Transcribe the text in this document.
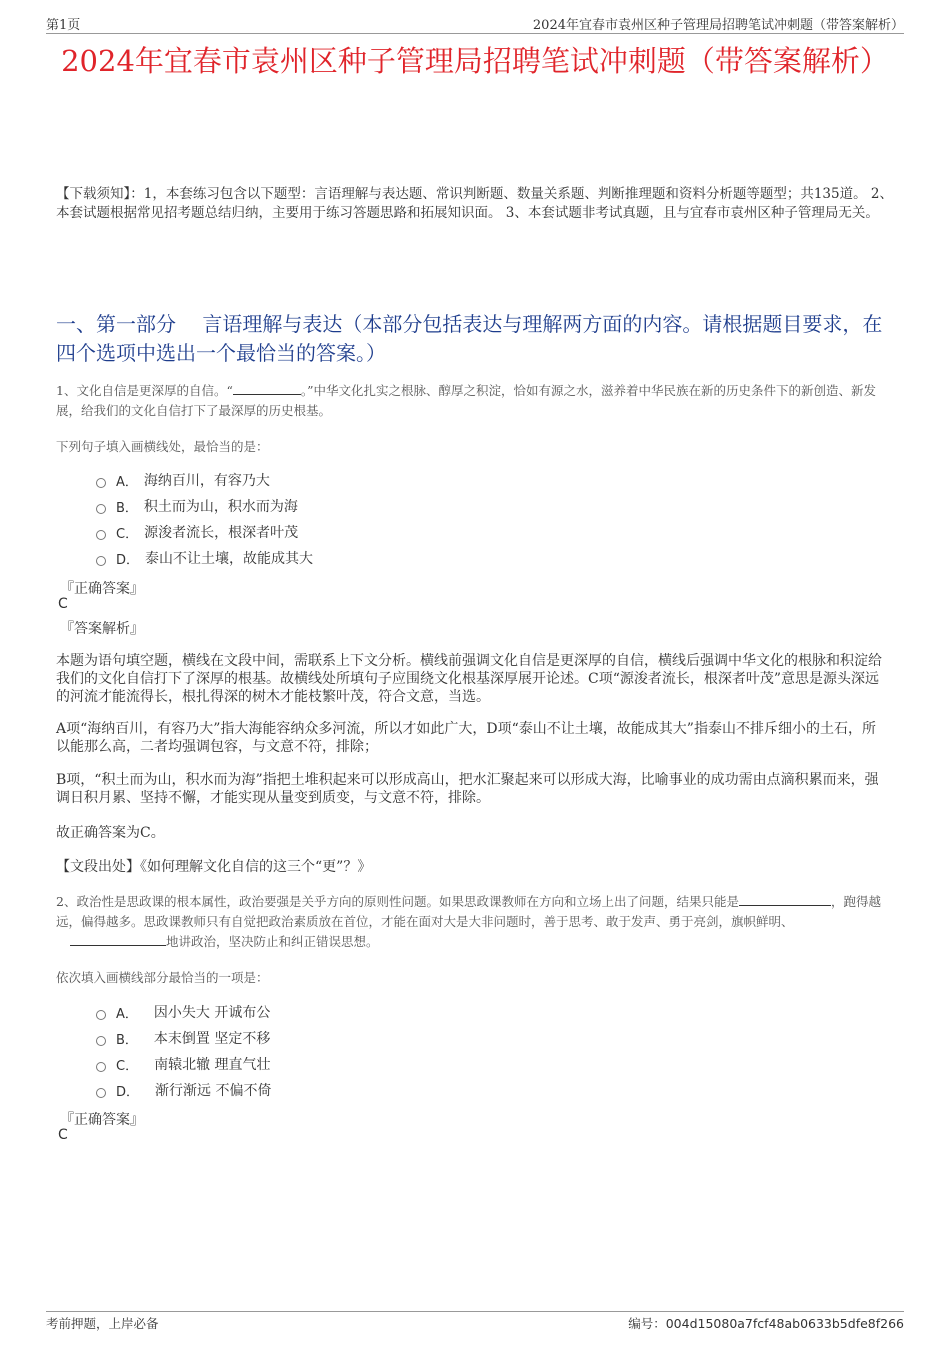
第1页	2024年宜春市袁州区种子管理局招聘笔试冲刺题（带答案解析）
2024年宜春市袁州区种子管理局招聘笔试冲刺题（带答案解析）
【下载须知】：1，本套练习包含以下题型：言语理解与表达题、常识判断题、数量关系题、判断推理题和资料分析题等题型；共135道。 2、本套试题根据常见招考题总结归纳，主要用于练习答题思路和拓展知识面。 3、本套试题非考试真题，且与宜春市袁州区种子管理局无关。
一、第一部分　 言语理解与表达（本部分包括表达与理解两方面的内容。请根据题目要求，在四个选项中选出一个最恰当的答案。）
1、文化自信是更深厚的自信。“	。”中华文化扎实之根脉、醇厚之积淀，恰如有源之水，滋养着中华民族在新的历史条件下的新创造、新发展，给我们的文化自信打下了最深厚的历史根基。
下列句子填入画横线处，最恰当的是：
A． 海纳百川，有容乃大
B． 积土而为山，积水而为海
C． 源浚者流长，根深者叶茂
D． 泰山不让土壤，故能成其大
『正确答案』
C
『答案解析』
本题为语句填空题，横线在文段中间，需联系上下文分析。横线前强调文化自信是更深厚的自信，横线后强调中华文化的根脉和积淀给我们的文化自信打下了深厚的根基。故横线处所填句子应围绕文化根基深厚展开论述。C项“源浚者流长，根深者叶茂”意思是源头深远的河流才能流得长，根扎得深的树木才能枝繁叶茂，符合文意，当选。
A项“海纳百川，有容乃大”指大海能容纳众多河流，所以才如此广大，D项“泰山不让土壤，故能成其大”指泰山不排斥细小的土石，所以能那么高，二者均强调包容，与文意不符，排除；
B项，“积土而为山，积水而为海”指把土堆积起来可以形成高山，把水汇聚起来可以形成大海，比喻事业的成功需由点滴积累而来，强调日积月累、坚持不懈，才能实现从量变到质变，与文意不符，排除。
故正确答案为C。
【文段出处】《如何理解文化自信的这三个“更”？》
2、政治性是思政课的根本属性，政治要强是关乎方向的原则性问题。如果思政课教师在方向和立场上出了问题，结果只能是	，跑得越远，偏得越多。思政课教师只有自觉把政治素质放在首位，才能在面对大是大非问题时，善于思考、敢于发声、勇于亮剑，旗帜鲜明、地讲政治，坚决防止和纠正错误思想。
依次填入画横线部分最恰当的一项是：
A． 因小失大 开诚布公
B． 本末倒置 坚定不移
C． 南辕北辙 理直气壮
D． 渐行渐远 不偏不倚
『正确答案』
C
考前押题，上岸必备	编号：004d15080a7fcf48ab0633b5dfe8f266
